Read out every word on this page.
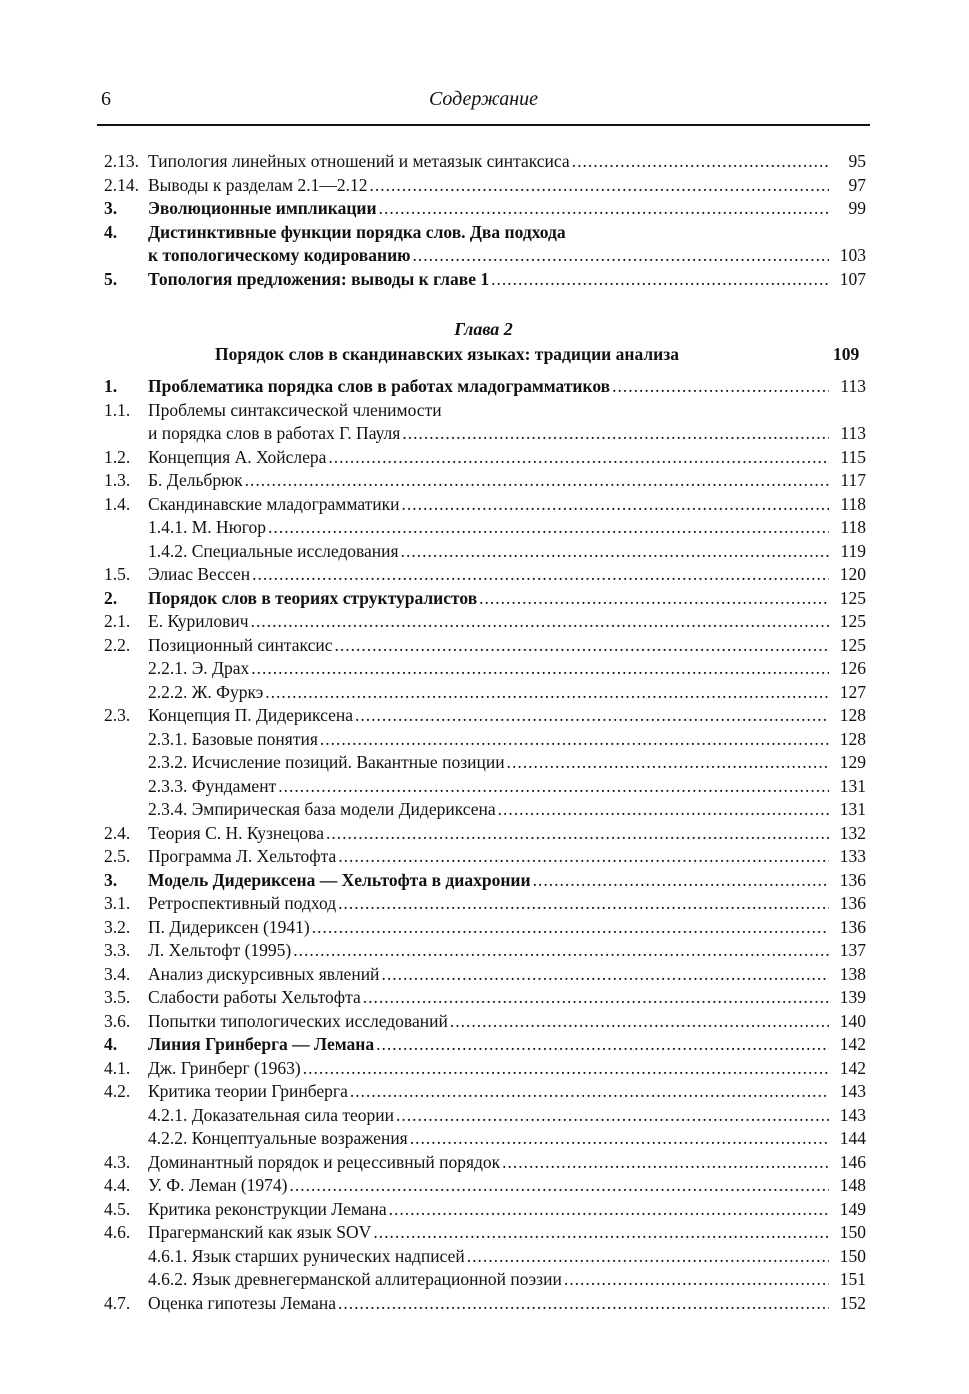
6	Содержание
2.13. Типология линейных отношений и метаязык синтаксиса .....	95
2.14. Выводы к разделам 2.1—2.12 .....	97
3. Эволюционные импликации .....	99
4. Дистинктивные функции порядка слов. Два подхода
к топологическому кодированию .....	103
5. Топология предложения: выводы к главе 1 .....	107
Глава 2
Порядок слов в скандинавских языках: традиции анализа	109
1. Проблематика порядка слов в работах младограмматиков .....	113
1.1. Проблемы синтаксической членимости
и порядка слов в работах Г. Пауля .....	113
1.2. Концепция А. Хойслера .....	115
1.3. Б. Дельбрюк .....	117
1.4. Скандинавские младограмматики .....	118
1.4.1. М. Нюгор .....	118
1.4.2. Специальные исследования .....	119
1.5. Элиас Вессен .....	120
2. Порядок слов в теориях структуралистов .....	125
2.1. Е. Курилович .....	125
2.2. Позиционный синтаксис .....	125
2.2.1. Э. Драх .....	126
2.2.2. Ж. Фуркэ .....	127
2.3. Концепция П. Дидериксена .....	128
2.3.1. Базовые понятия .....	128
2.3.2. Исчисление позиций. Вакантные позиции .....	129
2.3.3. Фундамент .....	131
2.3.4. Эмпирическая база модели Дидериксена .....	131
2.4. Теория С. Н. Кузнецова .....	132
2.5. Программа Л. Хельтофта .....	133
3. Модель Дидериксена — Хельтофта в диахронии .....	136
3.1. Ретроспективный подход .....	136
3.2. П. Дидериксен (1941) .....	136
3.3. Л. Хельтофт (1995) .....	137
3.4. Анализ дискурсивных явлений .....	138
3.5. Слабости работы Хельтофта .....	139
3.6. Попытки типологических исследований .....	140
4. Линия Гринберга — Лемана .....	142
4.1. Дж. Гринберг (1963) .....	142
4.2. Критика теории Гринберга .....	143
4.2.1. Доказательная сила теории .....	143
4.2.2. Концептуальные возражения .....	144
4.3. Доминантный порядок и рецессивный порядок .....	146
4.4. У. Ф. Леман (1974) .....	148
4.5. Критика реконструкции Лемана .....	149
4.6. Прагерманский как язык SOV .....	150
4.6.1. Язык старших рунических надписей .....	150
4.6.2. Язык древнегерманской аллитерационной поэзии .....	151
4.7. Оценка гипотезы Лемана .....	152
